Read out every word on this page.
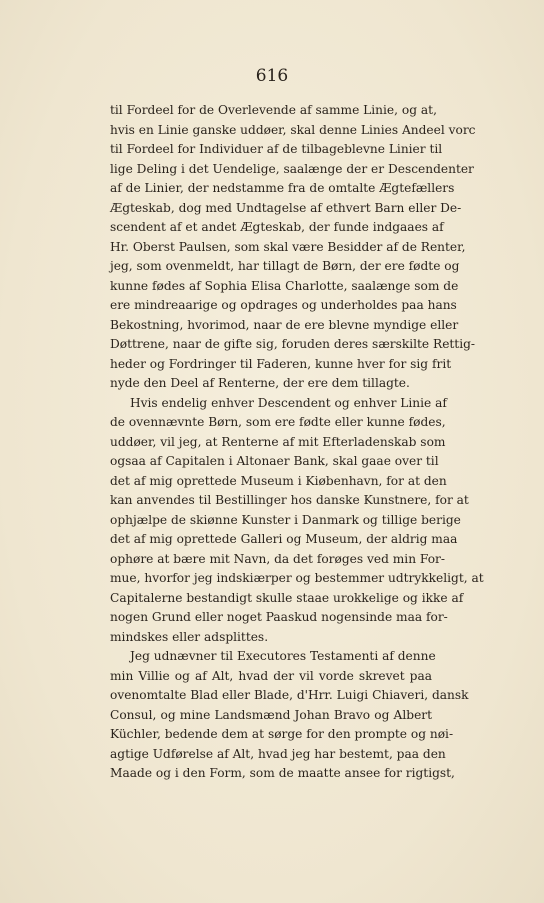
616
til Fordeel for de Overlevende af samme Linie, og at,
hvis en Linie ganske uddøer, skal denne Linies Andeel vorc
til Fordeel for Individuer af de tilbageblevne Linier til
lige Deling i det Uendelige, saalænge der er Descendenter
af de Linier, der nedstamme fra de omtalte Ægtefællers
Ægteskab, dog med Undtagelse af ethvert Barn eller De-
scendent af et andet Ægteskab, der funde indgaaes af
Hr. Oberst Paulsen, som skal være Besidder af de Renter,
jeg, som ovenmeldt, har tillagt de Børn, der ere fødte og
kunne fødes af Sophia Elisa Charlotte, saalænge som de
ere mindreaarige og opdrages og underholdes paa hans
Bekostning, hvorimod, naar de ere blevne myndige eller
Døttrene, naar de gifte sig, foruden deres særskilte Rettig-
heder og Fordringer til Faderen, kunne hver for sig frit
nyde den Deel af Renterne, der ere dem tillagte.
Hvis endelig enhver Descendent og enhver Linie af
de ovennævnte Børn, som ere fødte eller kunne fødes,
uddøer, vil jeg, at Renterne af mit Efterladenskab som
ogsaa af Capitalen i Altonaer Bank, skal gaae over til
det af mig oprettede Museum i Kiøbenhavn, for at den
kan anvendes til Bestillinger hos danske Kunstnere, for at
ophjælpe de skiønne Kunster i Danmark og tillige berige
det af mig oprettede Galleri og Museum, der aldrig maa
ophøre at bære mit Navn, da det forøges ved min For-
mue, hvorfor jeg indskiærper og bestemmer udtrykkeligt, at
Capitalerne bestandigt skulle staae urokkelige og ikke af
nogen Grund eller noget Paaskud nogensinde maa for-
mindskes eller adsplittes.
Jeg udnævner til Executores Testamenti af denne
min Villie og af Alt, hvad der vil vorde skrevet paa
ovenomtalte Blad eller Blade, d'Hrr. Luigi Chiaveri, dansk
Consul, og mine Landsmænd Johan Bravo og Albert
Küchler, bedende dem at sørge for den prompte og nøi-
agtige Udførelse af Alt, hvad jeg har bestemt, paa den
Maade og i den Form, som de maatte ansee for rigtigst,
